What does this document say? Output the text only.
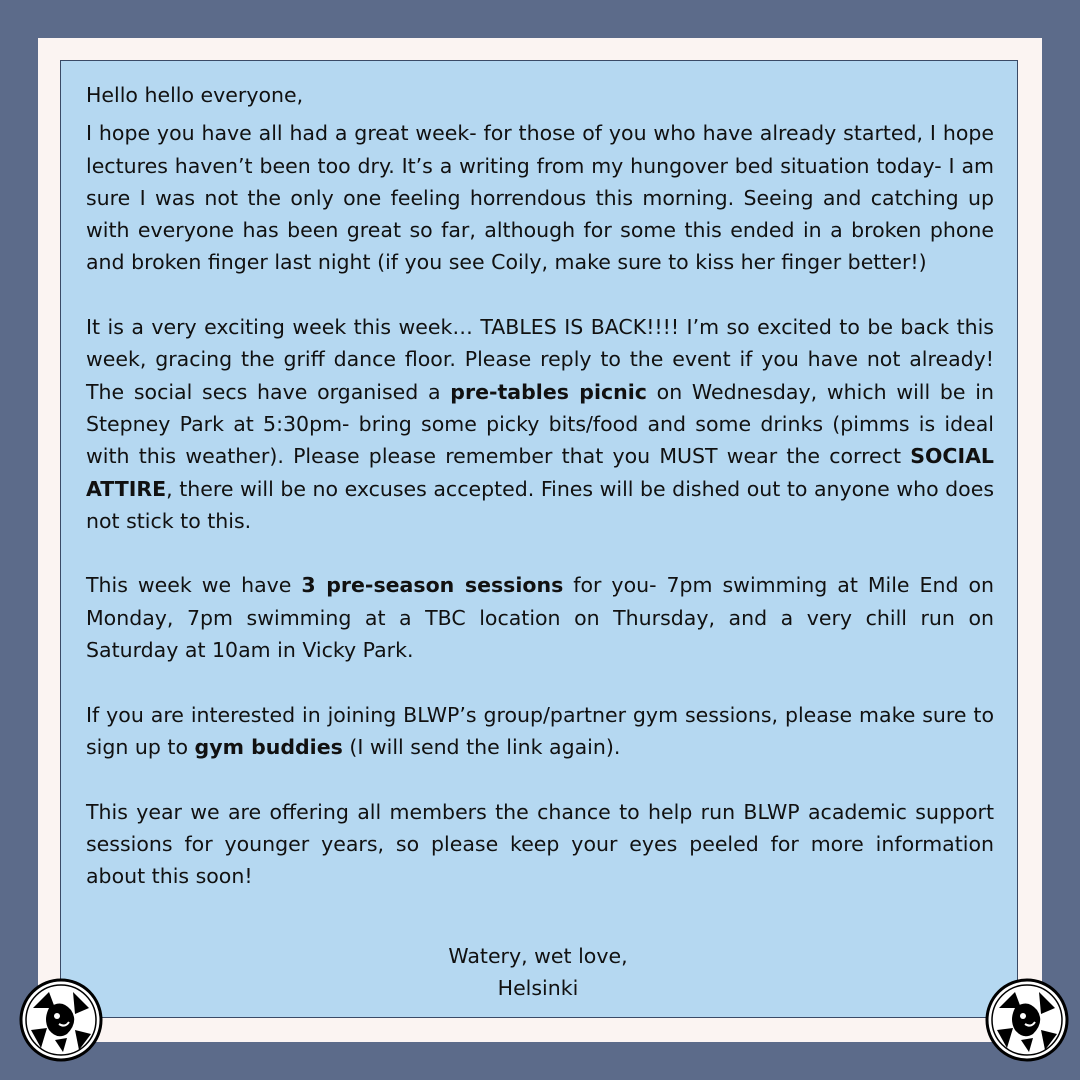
Hello hello everyone,

I hope you have all had a great week- for those of you who have already started, I hope lectures haven’t been too dry. It’s a writing from my hungover bed situation today- I am sure I was not the only one feeling horrendous this morning. Seeing and catching up with everyone has been great so far, although for some this ended in a broken phone and broken finger last night (if you see Coily, make sure to kiss her finger better!)

It is a very exciting week this week… TABLES IS BACK!!!! I’m so excited to be back this week, gracing the griff dance floor. Please reply to the event if you have not already! The social secs have organised a pre-tables picnic on Wednesday, which will be in Stepney Park at 5:30pm- bring some picky bits/food and some drinks (pimms is ideal with this weather). Please please remember that you MUST wear the correct SOCIAL ATTIRE, there will be no excuses accepted. Fines will be dished out to anyone who does not stick to this.

This week we have 3 pre-season sessions for you- 7pm swimming at Mile End on Monday, 7pm swimming at a TBC location on Thursday, and a very chill run on Saturday at 10am in Vicky Park.

If you are interested in joining BLWP’s group/partner gym sessions, please make sure to sign up to gym buddies (I will send the link again).

This year we are offering all members the chance to help run BLWP academic support sessions for younger years, so please keep your eyes peeled for more information about this soon!

Watery, wet love,
Helsinki
